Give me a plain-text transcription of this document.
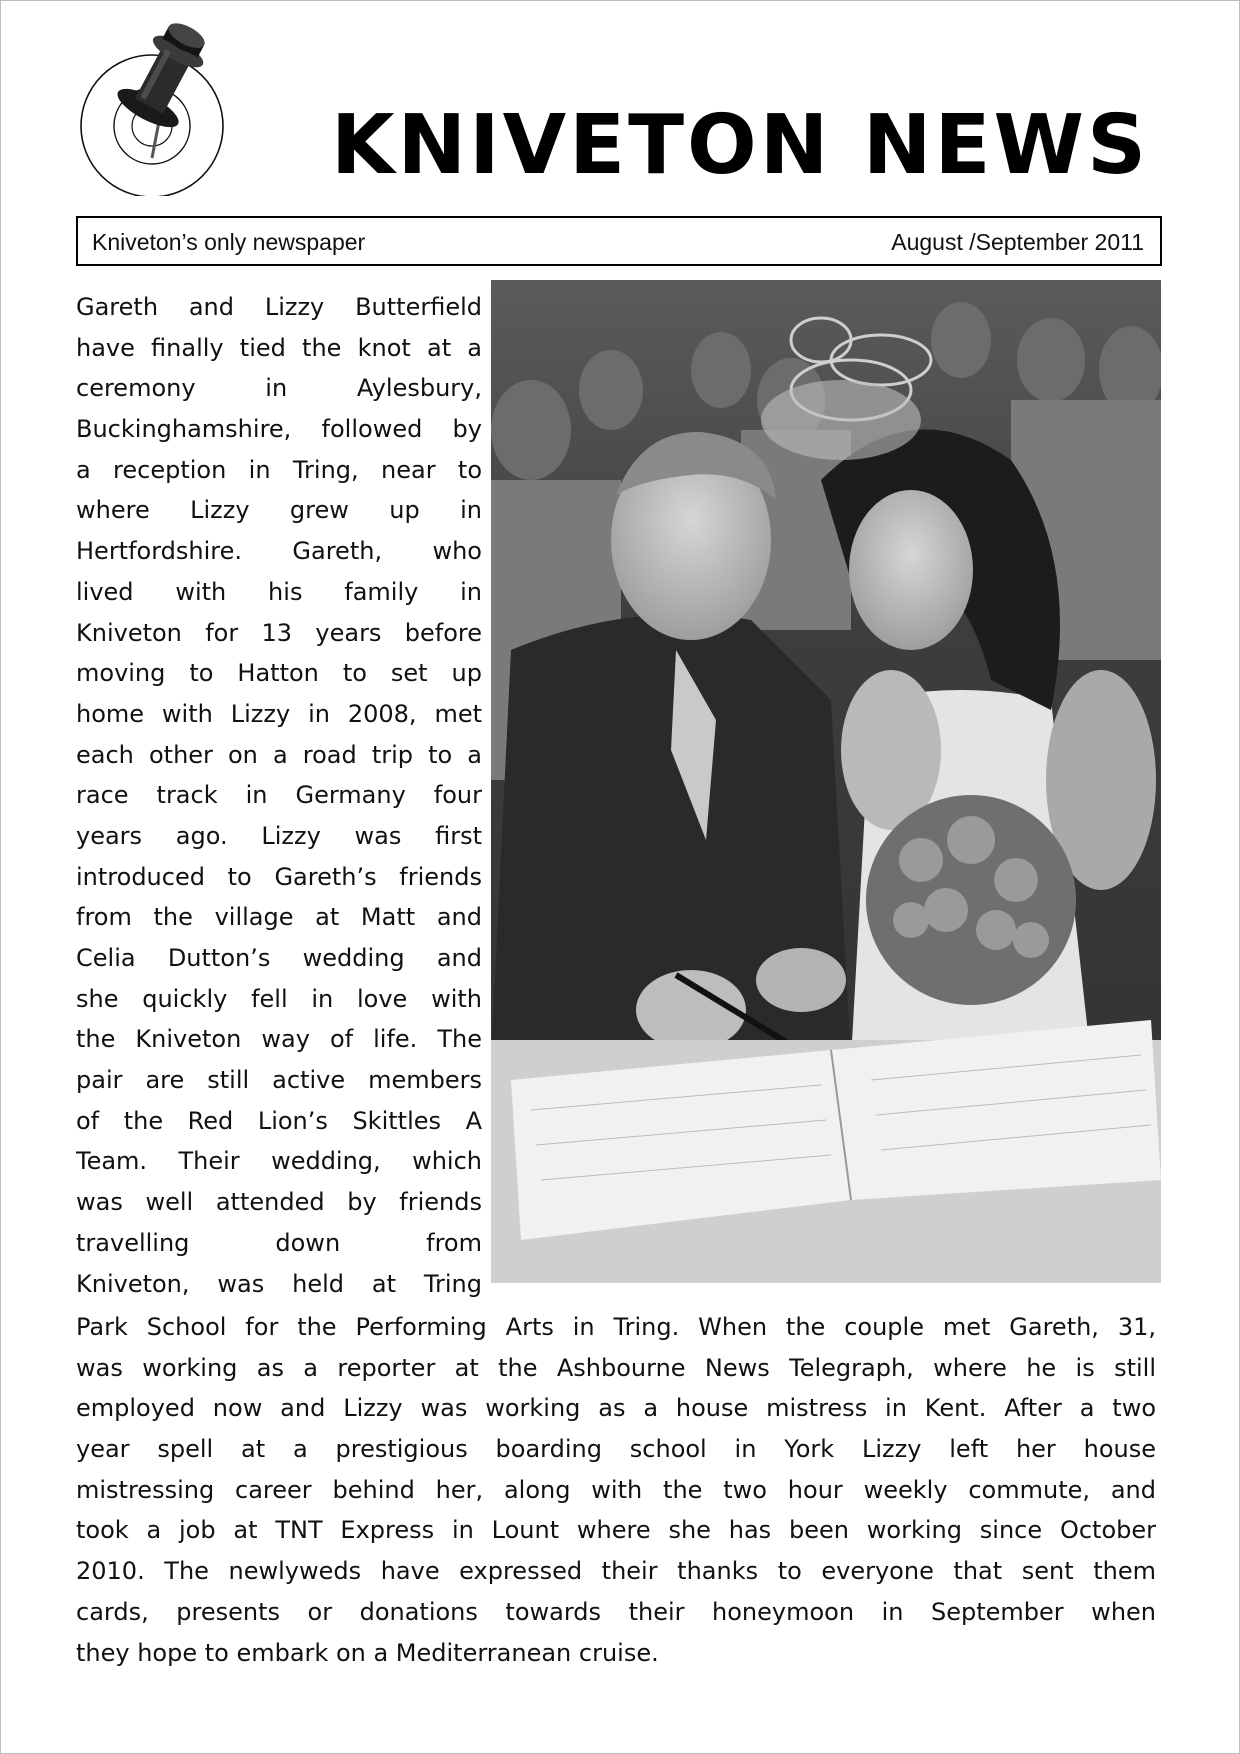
KNIVETON NEWS
Kniveton’s only newspaper	August /September 2011
Gareth and Lizzy Butterfield
have finally tied the knot at a
ceremony in Aylesbury,
Buckinghamshire, followed by
a reception in Tring, near to
where Lizzy grew up in
Hertfordshire. Gareth, who
lived with his family in
Kniveton for 13 years before
moving to Hatton to set up
home with Lizzy in 2008, met
each other on a road trip to a
race track in Germany four
years ago. Lizzy was first
introduced to Gareth’s friends
from the village at Matt and
Celia Dutton’s wedding and
she quickly fell in love with
the Kniveton way of life. The
pair are still active members
of the Red Lion’s Skittles A
Team. Their wedding, which
was well attended by friends
travelling down from
Kniveton, was held at Tring
Park School for the Performing Arts in Tring. When the couple met Gareth, 31,
was working as a reporter at the Ashbourne News Telegraph, where he is still
employed now and Lizzy was working as a house mistress in Kent. After a two
year spell at a prestigious boarding school in York Lizzy left her house
mistressing career behind her, along with the two hour weekly commute, and
took a job at TNT Express in Lount where she has been working since October
2010. The newlyweds have expressed their thanks to everyone that sent them
cards, presents or donations towards their honeymoon in September when
they hope to embark on a Mediterranean cruise.
